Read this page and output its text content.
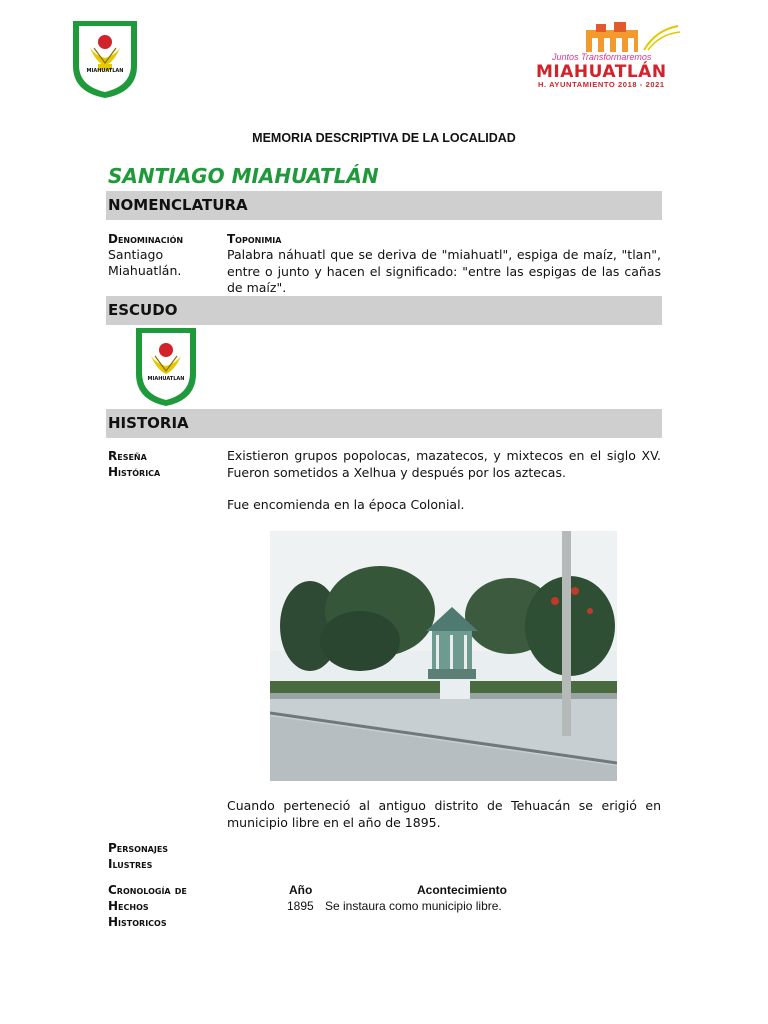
MIAHUATLAN
Juntos Transformaremos
MIAHUATLÁN
H. AYUNTAMIENTO 2018 - 2021
MEMORIA DESCRIPTIVA DE LA LOCALIDAD
SANTIAGO MIAHUATLÁN
NOMENCLATURA
Denominación
Santiago
Miahuatlán.
Toponimia
Palabra náhuatl que se deriva de "miahuatl", espiga de maíz, "tlan", entre o junto y hacen el significado: "entre las espigas de las cañas de maíz".
ESCUDO
MIAHUATLAN
HISTORIA
Reseña
Histórica
Existieron grupos popolocas, mazatecos, y mixtecos en el siglo XV. Fueron sometidos a Xelhua y después por los aztecas.
Fue encomienda en la época Colonial.
Cuando perteneció al antiguo distrito de Tehuacán se erigió en municipio libre en el año de 1895.
Personajes
Ilustres
Cronología de
Hechos
Historicos
Año	Acontecimiento
1895 Se instaura como municipio libre.
